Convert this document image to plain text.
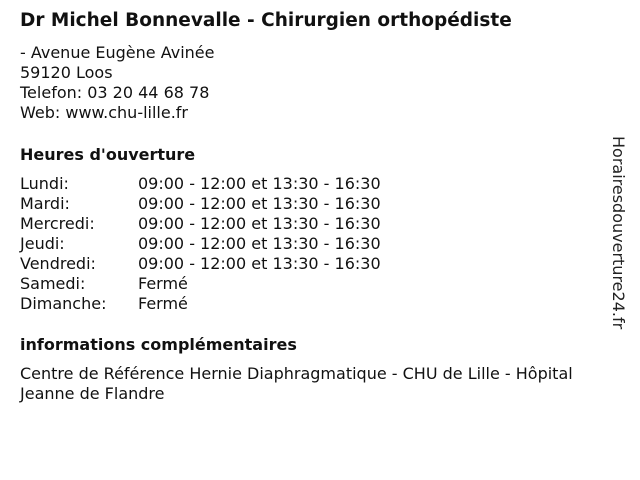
Dr Michel Bonnevalle - Chirurgien orthopédiste
- Avenue Eugène Avinée
59120 Loos
Telefon: 03 20 44 68 78
Web: www.chu-lille.fr
Heures d'ouverture
Lundi:	09:00 - 12:00 et 13:30 - 16:30
Mardi:	09:00 - 12:00 et 13:30 - 16:30
Mercredi:	09:00 - 12:00 et 13:30 - 16:30
Jeudi:	09:00 - 12:00 et 13:30 - 16:30
Vendredi:	09:00 - 12:00 et 13:30 - 16:30
Samedi:	Fermé
Dimanche:	Fermé
informations complémentaires
Centre de Référence Hernie Diaphragmatique - CHU de Lille - Hôpital Jeanne de Flandre
Horairesdouverture24.fr
